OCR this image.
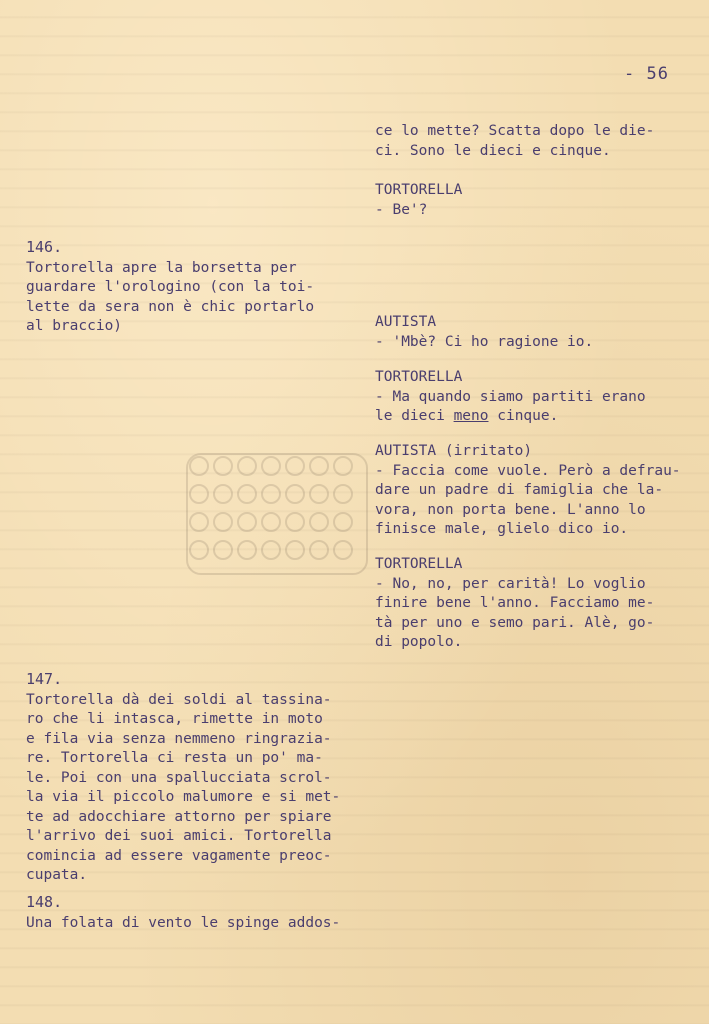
- 56
ce lo mette? Scatta dopo le die-
ci. Sono le dieci e cinque.
TORTORELLA
- Be'?
AUTISTA
- 'Mbè? Ci ho ragione io.
TORTORELLA
- Ma quando siamo partiti erano
le dieci meno cinque.
AUTISTA (irritato)
- Faccia come vuole. Però a defrau-
dare un padre di famiglia che la-
vora, non porta bene. L'anno lo
finisce male, glielo dico io.
TORTORELLA
- No, no, per carità! Lo voglio
finire bene l'anno. Facciamo me-
tà per uno e semo pari. Alè, go-
di popolo.
146.
Tortorella apre la borsetta per
guardare l'orologino (con la toi-
lette da sera non è chic portarlo
al braccio)
147.
Tortorella dà dei soldi al tassina-
ro che li intasca, rimette in moto
e fila via senza nemmeno ringrazia-
re. Tortorella ci resta un po' ma-
le. Poi con una spallucciata scrol-
la via il piccolo malumore e si met-
te ad adocchiare attorno per spiare
l'arrivo dei suoi amici. Tortorella
comincia ad essere vagamente preoc-
cupata.
148.
Una folata di vento le spinge addos-
